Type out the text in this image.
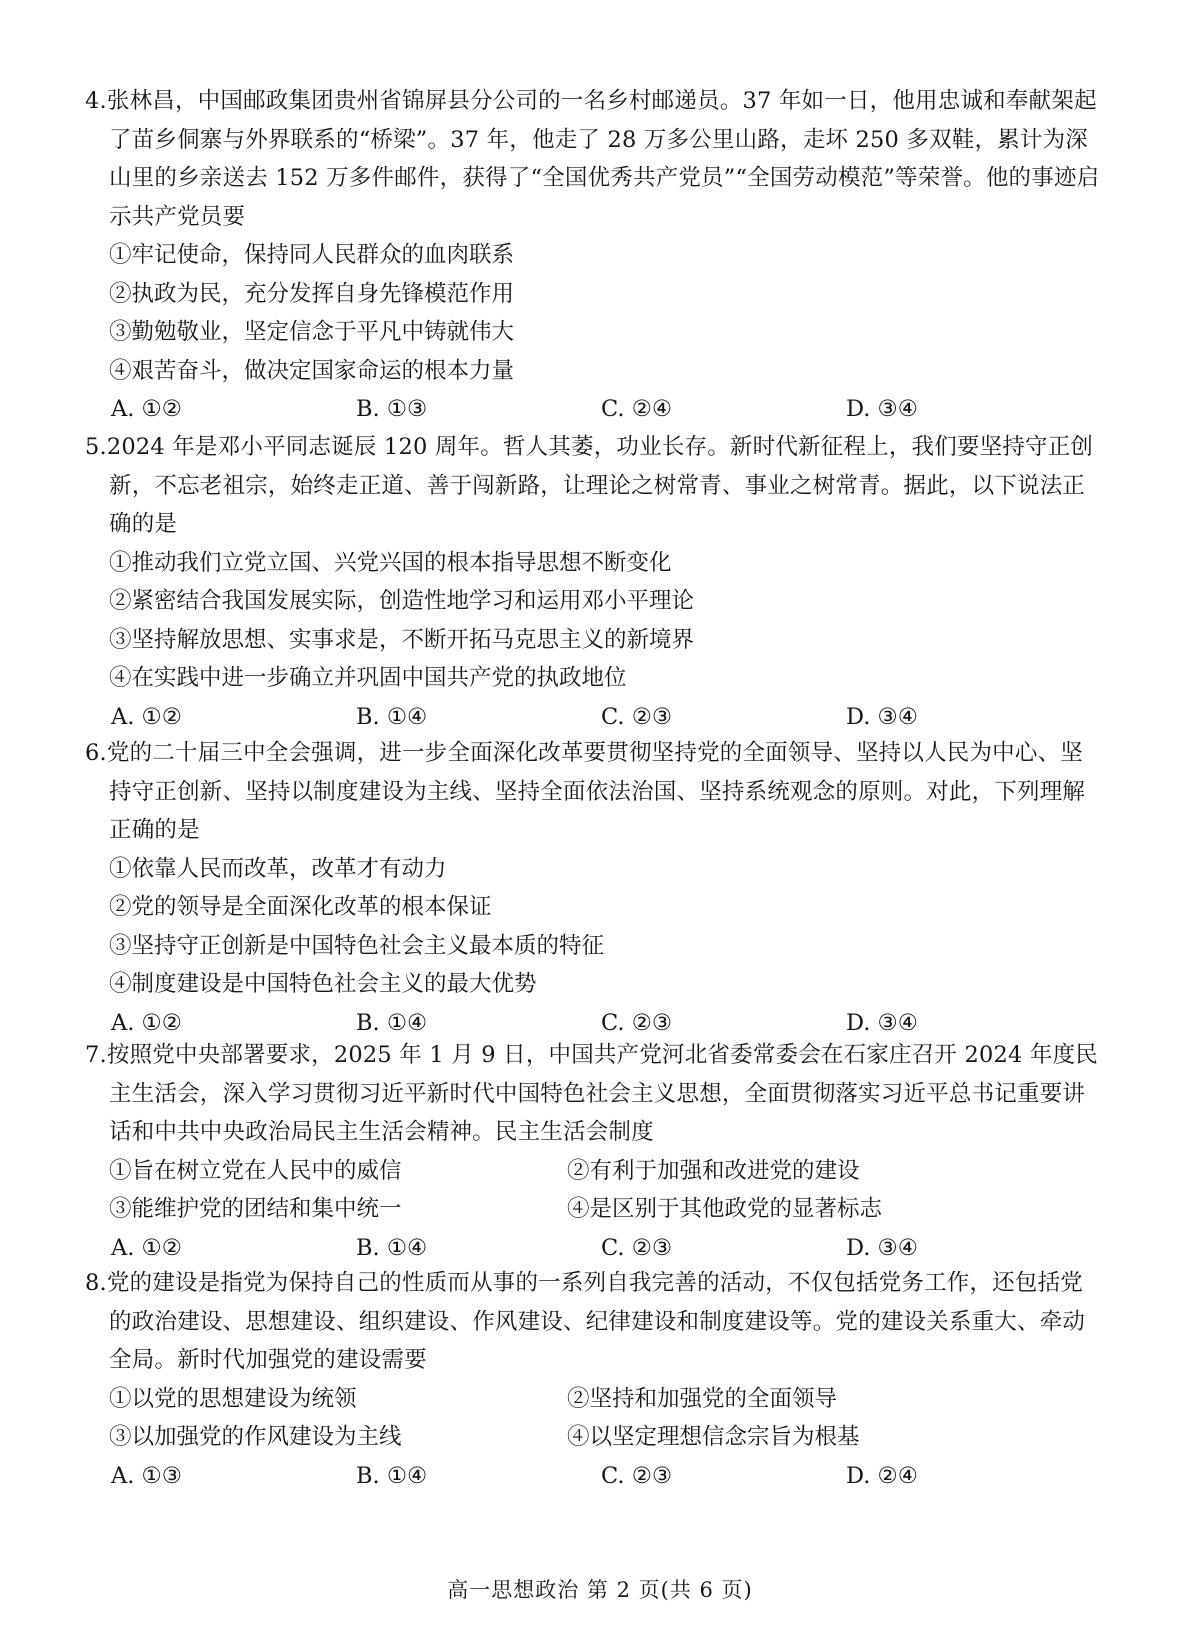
4.张林昌，中国邮政集团贵州省锦屏县分公司的一名乡村邮递员。37 年如一日，他用忠诚和奉献架起了苗乡侗寨与外界联系的“桥梁”。37 年，他走了 28 万多公里山路，走坏 250 多双鞋，累计为深山里的乡亲送去 152 万多件邮件，获得了“全国优秀共产党员”“全国劳动模范”等荣誉。他的事迹启示共产党员要

①牢记使命，保持同人民群众的血肉联系

②执政为民，充分发挥自身先锋模范作用

③勤勉敬业，坚定信念于平凡中铸就伟大

④艰苦奋斗，做决定国家命运的根本力量

A. ①②	B. ①③	C. ②④	D. ③④

5.2024 年是邓小平同志诞辰 120 周年。哲人其萎，功业长存。新时代新征程上，我们要坚持守正创新，不忘老祖宗，始终走正道、善于闯新路，让理论之树常青、事业之树常青。据此，以下说法正确的是

①推动我们立党立国、兴党兴国的根本指导思想不断变化

②紧密结合我国发展实际，创造性地学习和运用邓小平理论

③坚持解放思想、实事求是，不断开拓马克思主义的新境界

④在实践中进一步确立并巩固中国共产党的执政地位

A. ①②	B. ①④	C. ②③	D. ③④

6.党的二十届三中全会强调，进一步全面深化改革要贯彻坚持党的全面领导、坚持以人民为中心、坚持守正创新、坚持以制度建设为主线、坚持全面依法治国、坚持系统观念的原则。对此，下列理解正确的是

①依靠人民而改革，改革才有动力

②党的领导是全面深化改革的根本保证

③坚持守正创新是中国特色社会主义最本质的特征

④制度建设是中国特色社会主义的最大优势

A. ①②	B. ①④	C. ②③	D. ③④

7.按照党中央部署要求，2025 年 1 月 9 日，中国共产党河北省委常委会在石家庄召开 2024 年度民主生活会，深入学习贯彻习近平新时代中国特色社会主义思想，全面贯彻落实习近平总书记重要讲话和中共中央政治局民主生活会精神。民主生活会制度

①旨在树立党在人民中的威信	②有利于加强和改进党的建设
③能维护党的团结和集中统一	④是区别于其他政党的显著标志
A. ①②	B. ①④	C. ②③	D. ③④

8.党的建设是指党为保持自己的性质而从事的一系列自我完善的活动，不仅包括党务工作，还包括党的政治建设、思想建设、组织建设、作风建设、纪律建设和制度建设等。党的建设关系重大、牵动全局。新时代加强党的建设需要

①以党的思想建设为统领	②坚持和加强党的全面领导
③以加强党的作风建设为主线	④以坚定理想信念宗旨为根基
A. ①③	B. ①④	C. ②③	D. ②④
高一思想政治 第 2 页(共 6 页)
